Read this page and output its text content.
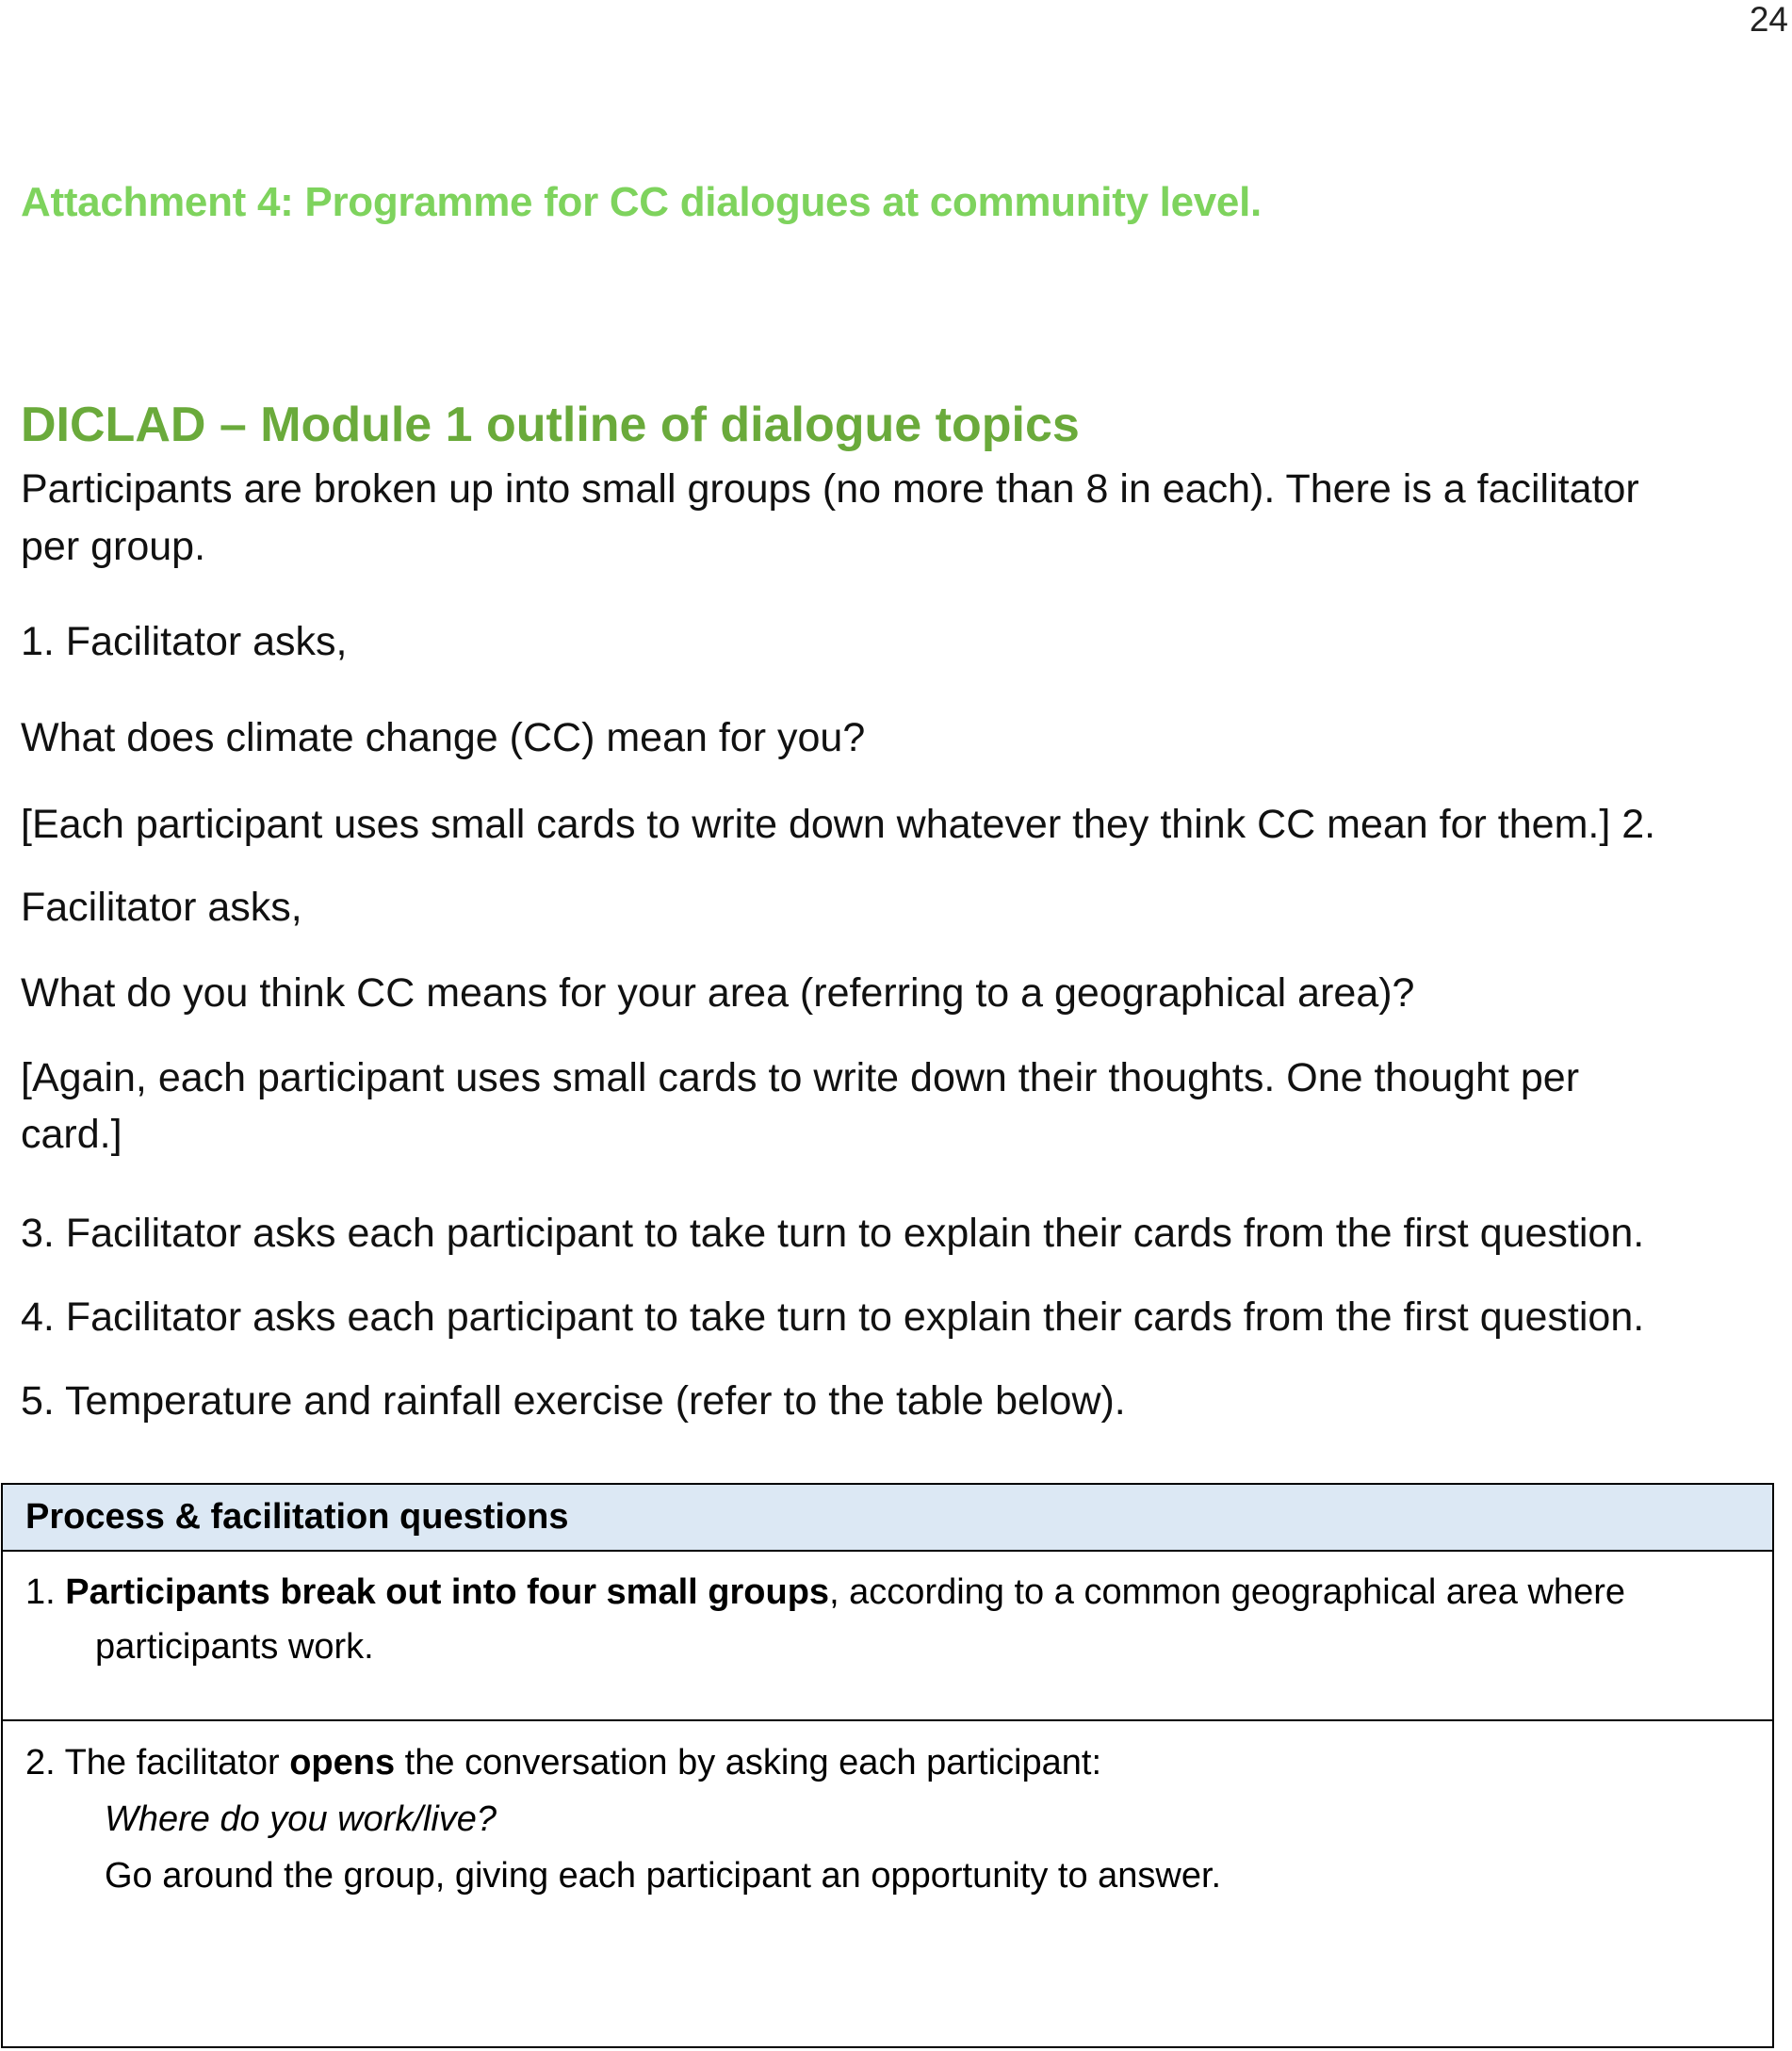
24
Attachment 4: Programme for CC dialogues at community level.
DICLAD – Module 1 outline of dialogue topics
Participants are broken up into small groups (no more than 8 in each). There is a facilitator
per group.
1. Facilitator asks,
What does climate change (CC) mean for you?
[Each participant uses small cards to write down whatever they think CC mean for them.] 2.
Facilitator asks,
What do you think CC means for your area (referring to a geographical area)?
[Again, each participant uses small cards to write down their thoughts. One thought per
card.]
3. Facilitator asks each participant to take turn to explain their cards from the first question.
4. Facilitator asks each participant to take turn to explain their cards from the first question.
5. Temperature and rainfall exercise (refer to the table below).
Process & facilitation questions
1. Participants break out into four small groups, according to a common geographical area where
participants work.
2. The facilitator opens the conversation by asking each participant:
Where do you work/live?
Go around the group, giving each participant an opportunity to answer.
